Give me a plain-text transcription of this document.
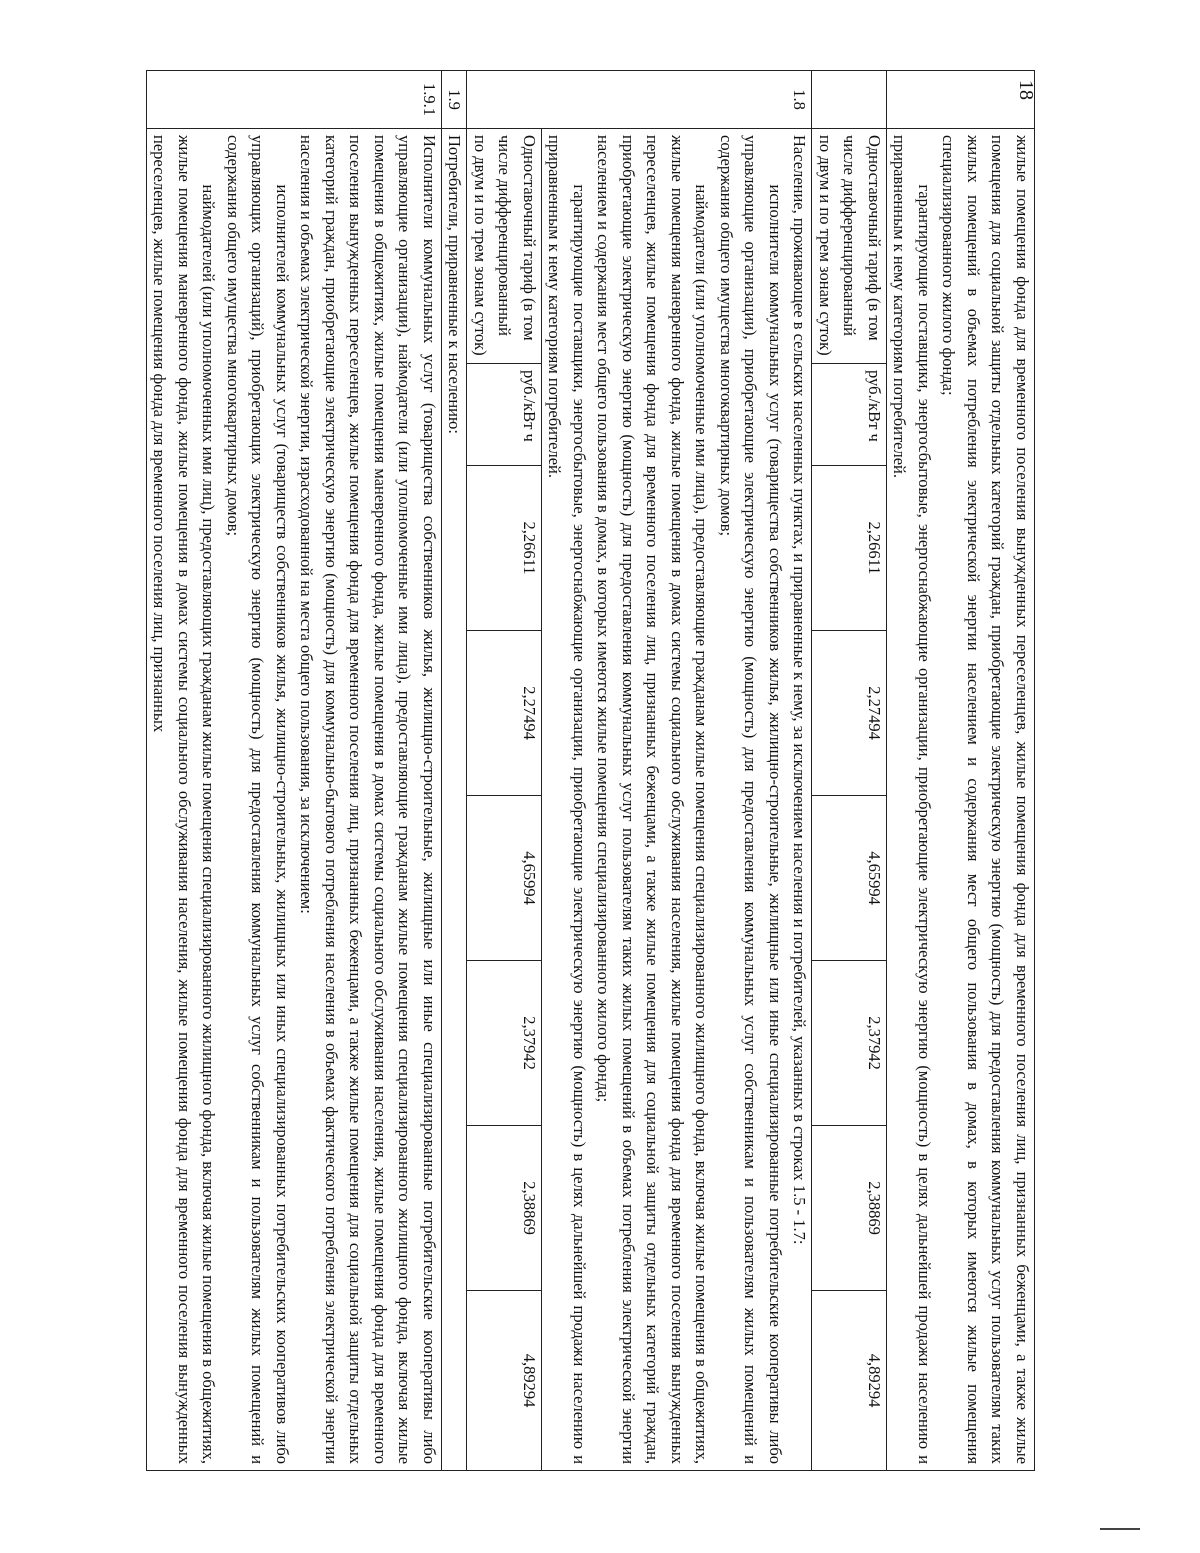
	жилые помещения фонда для временного поселения вынужденных переселенцев, жилые помещения фонда для временного поселения лиц, признанных беженцами, а также жилые помещения для социальной защиты отдельных категорий граждан, приобретающие электрическую энергию (мощность) для предоставления коммунальных услуг пользователям таких жилых помещений в объемах потребления электрической энергии населением и содержания мест общего пользования в домах, в которых имеются жилые помещения специализированного жилого фонда;
гарантирующие поставщики, энергосбытовые, энергоснабжающие организации, приобретающие электрическую энергию (мощность) в целях дальнейшей продажи населению и приравненным к нему категориям потребителей.							

	Одноставочный тариф (в том числе дифференцированный по двум и по трем зонам суток)	руб./кВт ч	2,26611	2,27494	4,65994	2,37942	2,38869	4,89294
1.8	Население, проживающее в сельских населенных пунктах, и приравненные к нему, за исключением населения и потребителей, указанных в строках 1.5 - 1.7:
исполнители коммунальных услуг (товарищества собственников жилья, жилищно-строительные, жилищные или иные специализированные потребительские кооперативы либо управляющие организации), приобретающие электрическую энергию (мощность) для предоставления коммунальных услуг собственникам и пользователям жилых помещений и содержания общего имущества многоквартирных домов;
наймодатели (или уполномоченные ими лица), предоставляющие гражданам жилые помещения специализированного жилищного фонда, включая жилые помещения в общежитиях, жилые помещения маневренного фонда, жилые помещения в домах системы социального обслуживания населения, жилые помещения фонда для временного поселения вынужденных переселенцев, жилые помещения фонда для временного поселения лиц, признанных беженцами, а также жилые помещения для социальной защиты отдельных категорий граждан, приобретающие электрическую энергию (мощность) для предоставления коммунальных услуг пользователям таких жилых помещений в объемах потребления электрической энергии населением и содержания мест общего пользования в домах, в которых имеются жилые помещения специализированного жилого фонда;
гарантирующие поставщики, энергосбытовые, энергоснабжающие организации, приобретающие электрическую энергию (мощность) в целях дальнейшей продажи населению и приравненным к нему категориям потребителей.							

	Одноставочный тариф (в том числе дифференцированный по двум и по трем зонам суток)	руб./кВт ч	2,26611	2,27494	4,65994	2,37942	2,38869	4,89294
1.9	Потребители, приравненные к населению:							

1.9.1	Исполнители коммунальных услуг (товарищества собственников жилья, жилищно-строительные, жилищные или иные специализированные потребительские кооперативы либо управляющие организации), наймодатели (или уполномоченные ими лица), предоставляющие гражданам жилые помещения специализированного жилищного фонда, включая жилые помещения в общежитиях, жилые помещения маневренного фонда, жилые помещения в домах системы социального обслуживания населения, жилые помещения фонда для временного поселения вынужденных переселенцев, жилые помещения фонда для временного поселения лиц, признанных беженцами, а также жилые помещения для социальной защиты отдельных категорий граждан, приобретающие электрическую энергию (мощность) для коммунально-бытового потребления населения в объемах фактического потребления электрической энергии населения и объемах электрической энергии, израсходованной на места общего пользования, за исключением:
исполнителей коммунальных услуг (товариществ собственников жилья, жилищно-строительных, жилищных или иных специализированных потребительских кооперативов либо управляющих организаций), приобретающих электрическую энергию (мощность) для предоставления коммунальных услуг собственникам и пользователям жилых помещений и содержания общего имущества многоквартирных домов;
наймодателей (или уполномоченных ими лиц), предоставляющих гражданам жилые помещения специализированного жилищного фонда, включая жилые помещения в общежитиях, жилые помещения маневренного фонда, жилые помещения в домах системы социального обслуживания населения, жилые помещения фонда для временного поселения вынужденных переселенцев, жилые помещения фонда для временного поселения лиц, признанных							
18
